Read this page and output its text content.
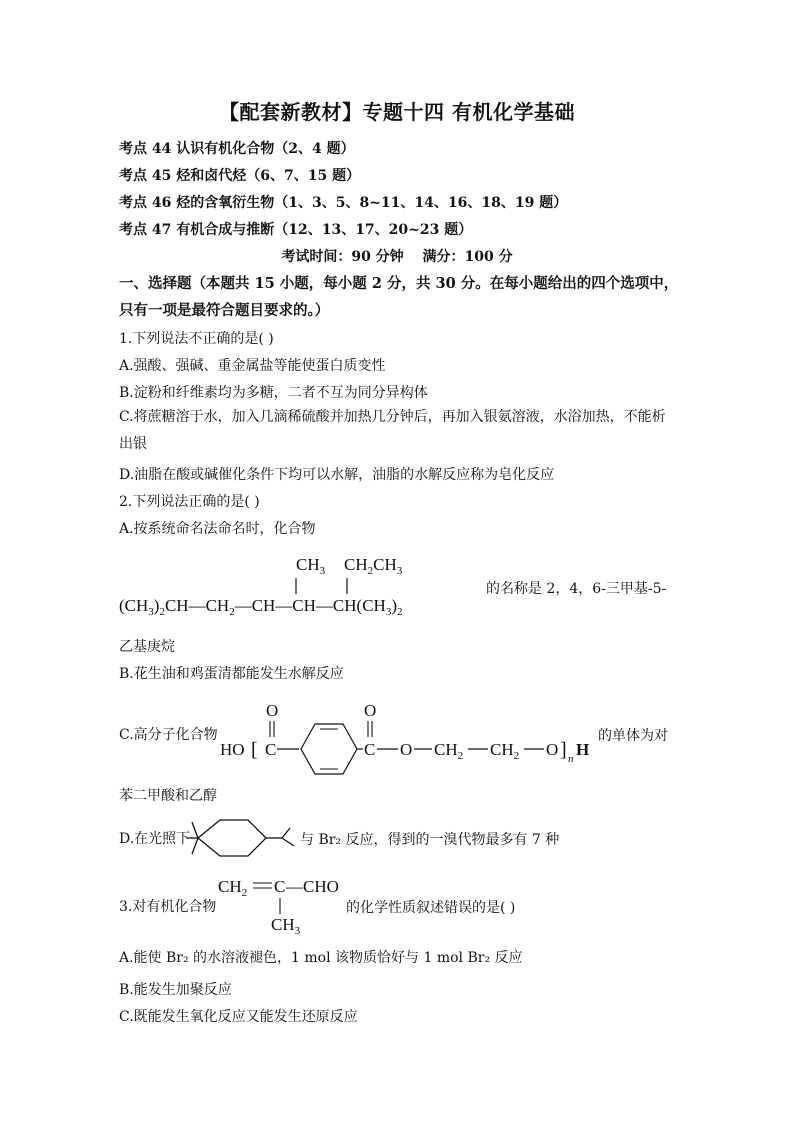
【配套新教材】专题十四 有机化学基础
考点 44 认识有机化合物（2、4 题）
考点 45 烃和卤代烃（6、7、15 题）
考点 46 烃的含氧衍生物（1、3、5、8~11、14、16、18、19 题）
考点 47 有机合成与推断（12、13、17、20~23 题）
考试时间：90 分钟　 满分：100 分
一、选择题（本题共 15 小题，每小题 2 分，共 30 分。在每小题给出的四个选项中，只有一项是最符合题目要求的。）
1.下列说法不正确的是( )
A.强酸、强碱、重金属盐等能使蛋白质变性
B.淀粉和纤维素均为多糖，二者不互为同分异构体
C.将蔗糖溶于水，加入几滴稀硫酸并加热几分钟后，再加入银氨溶液，水浴加热，不能析出银
D.油脂在酸或碱催化条件下均可以水解，油脂的水解反应称为皂化反应
2.下列说法正确的是( )
A.按系统命名法命名时，化合物
$CH_3$ $CH_2CH_3$
$(CH_3)_2CH—CH_2—CH—CH—CH(CH_3)_2$
的名称是 2，4，6-三甲基-5-
乙基庚烷
B.花生油和鸡蛋清都能发生水解反应
C.高分子化合物
O	O
HO [ C	C O $CH_2$ $CH_2$ O ] n H
的单体为对
苯二甲酸和乙醇
D.在光照下	与 Br₂ 反应，得到的一溴代物最多有 7 种
3.对有机化合物
$CH_2$ C —CHO
$CH_3$
的化学性质叙述错误的是( )
A.能使 Br₂ 的水溶液褪色，1 mol 该物质恰好与 1 mol Br₂ 反应
B.能发生加聚反应
C.既能发生氧化反应又能发生还原反应
